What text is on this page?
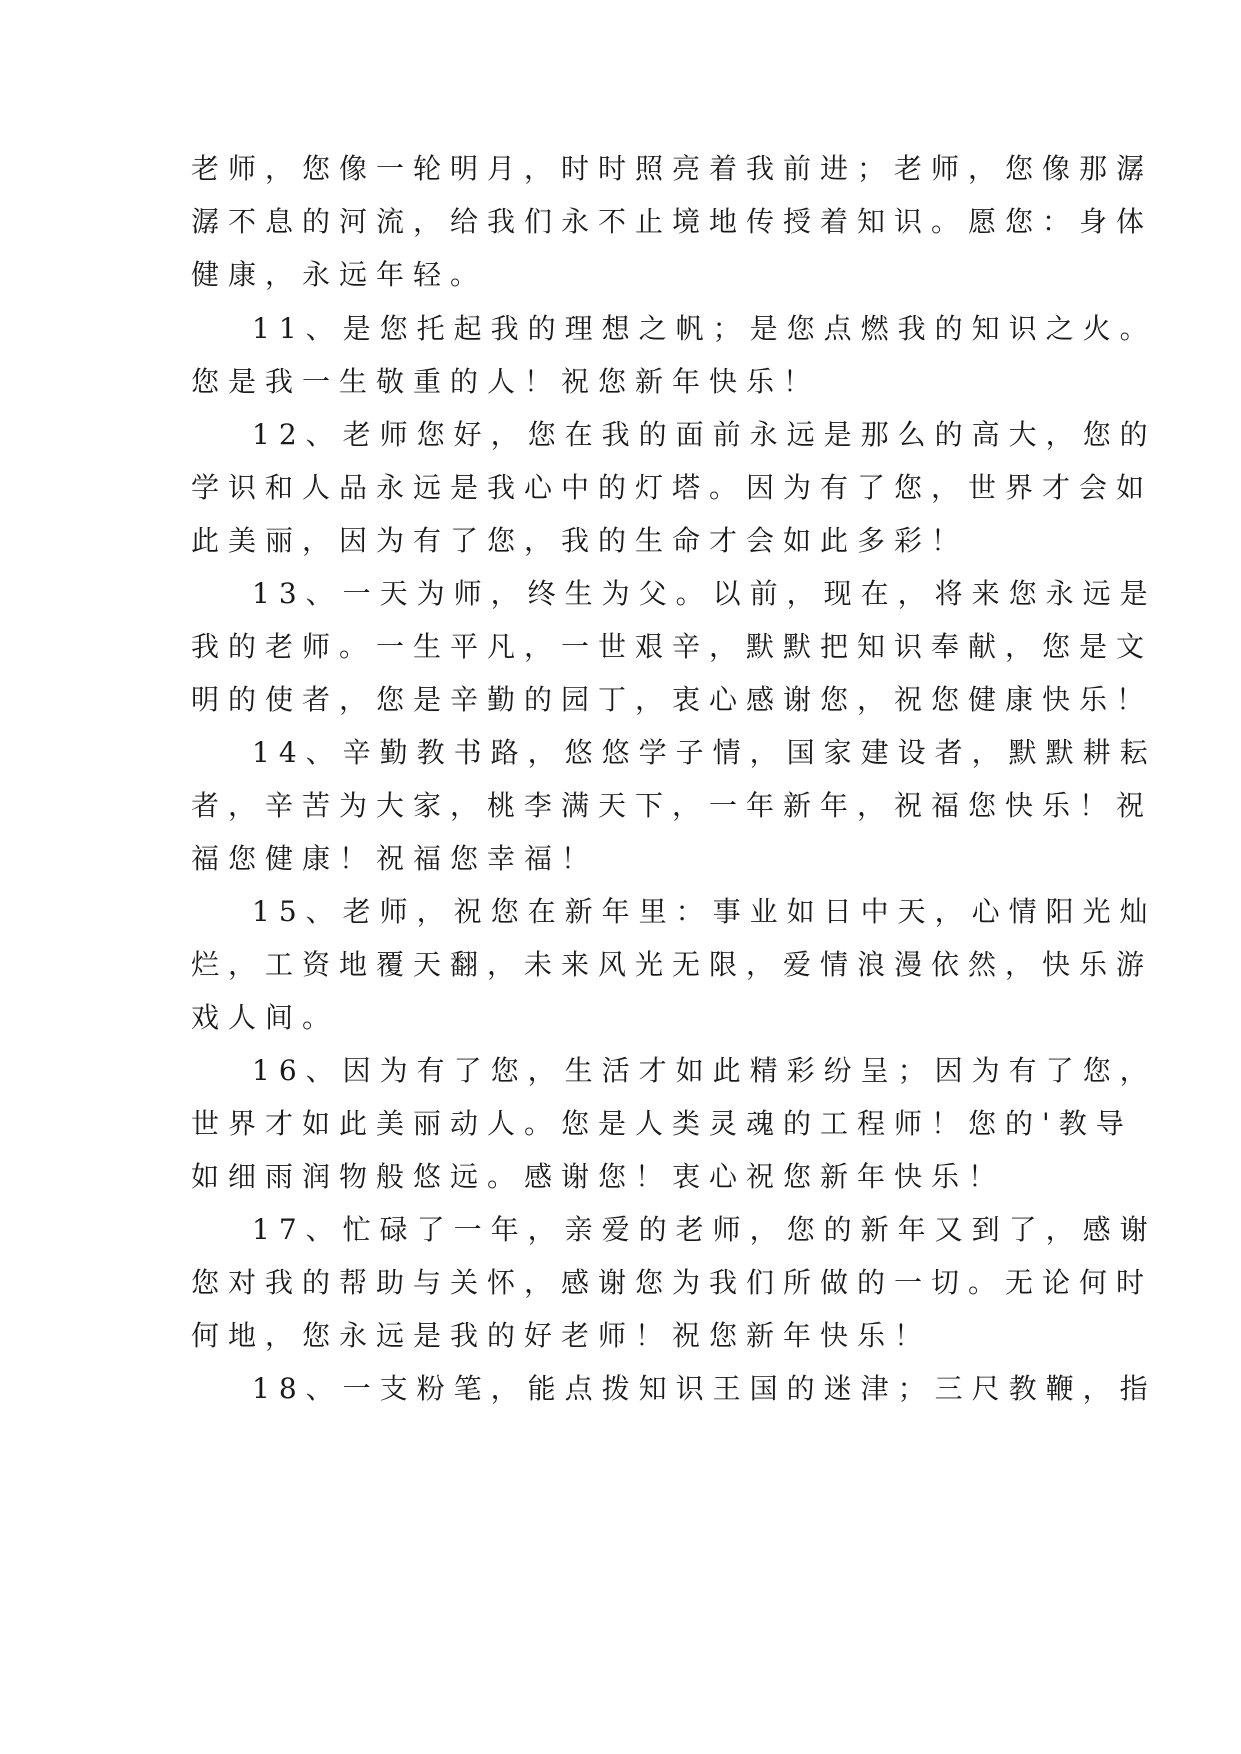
老师，您像一轮明月，时时照亮着我前进；老师，您像那潺

潺不息的河流，给我们永不止境地传授着知识。愿您：身体

健康，永远年轻。

11、是您托起我的理想之帆；是您点燃我的知识之火。

您是我一生敬重的人！祝您新年快乐！

12、老师您好，您在我的面前永远是那么的高大，您的

学识和人品永远是我心中的灯塔。因为有了您，世界才会如

此美丽，因为有了您，我的生命才会如此多彩！

13、一天为师，终生为父。以前，现在，将来您永远是

我的老师。一生平凡，一世艰辛，默默把知识奉献，您是文

明的使者，您是辛勤的园丁，衷心感谢您，祝您健康快乐！

14、辛勤教书路，悠悠学子情，国家建设者，默默耕耘

者，辛苦为大家，桃李满天下，一年新年，祝福您快乐！祝

福您健康！祝福您幸福！

15、老师，祝您在新年里：事业如日中天，心情阳光灿

烂，工资地覆天翻，未来风光无限，爱情浪漫依然，快乐游

戏人间。

16、因为有了您，生活才如此精彩纷呈；因为有了您，

世界才如此美丽动人。您是人类灵魂的工程师！您的'教导

如细雨润物般悠远。感谢您！衷心祝您新年快乐！

17、忙碌了一年，亲爱的老师，您的新年又到了，感谢

您对我的帮助与关怀，感谢您为我们所做的一切。无论何时

何地，您永远是我的好老师！祝您新年快乐！

18、一支粉笔，能点拨知识王国的迷津；三尺教鞭，指
